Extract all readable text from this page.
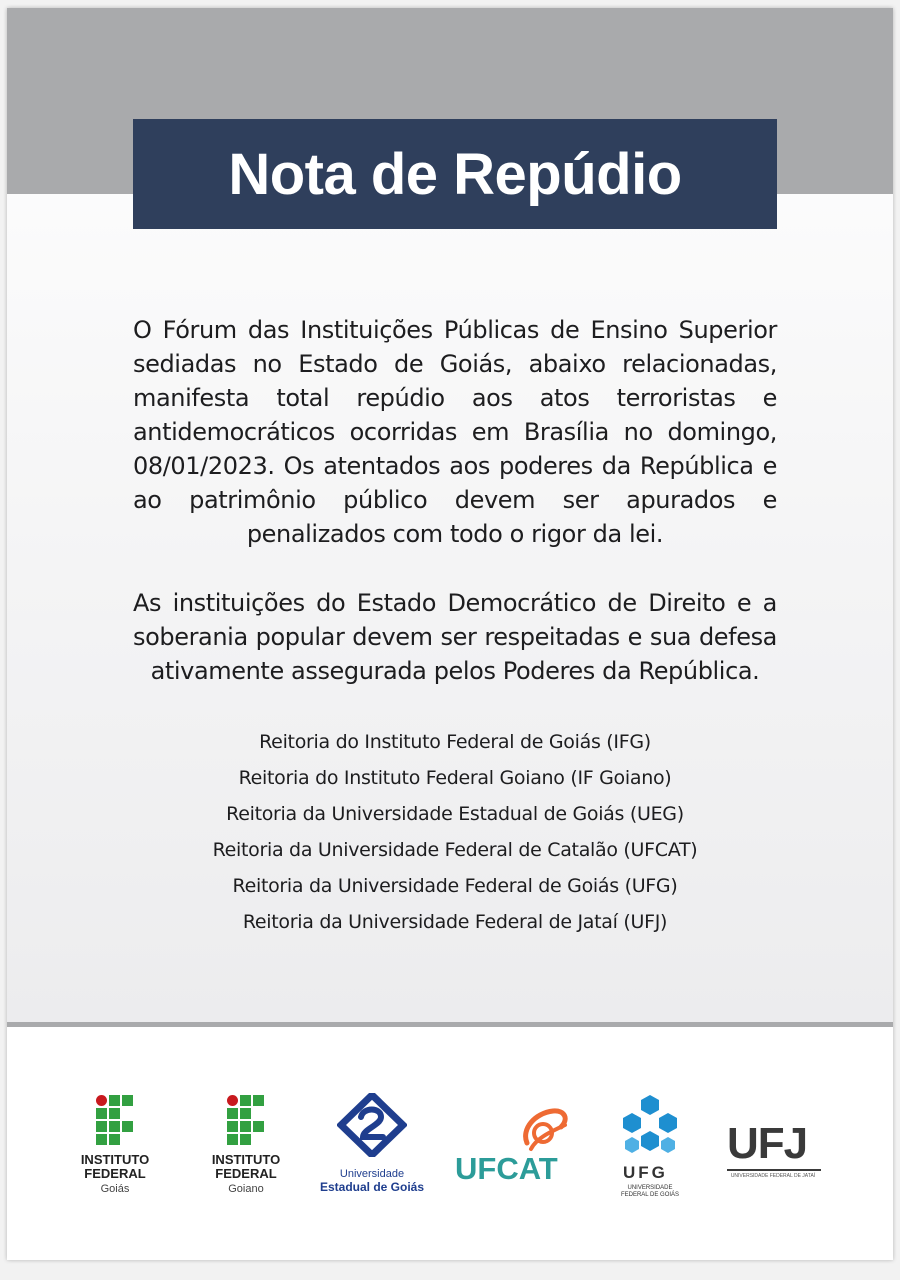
Nota de Repúdio
O Fórum das Instituições Públicas de Ensino Superior sediadas no Estado de Goiás, abaixo relacionadas, manifesta total repúdio aos atos terroristas e antidemocráticos ocorridas em Brasília no domingo, 08/01/2023. Os atentados aos poderes da República e ao patrimônio público devem ser apurados e penalizados com todo o rigor da lei.
As instituições do Estado Democrático de Direito e a soberania popular devem ser respeitadas e sua defesa ativamente assegurada pelos Poderes da República.
Reitoria do Instituto Federal de Goiás (IFG)
Reitoria do Instituto Federal Goiano (IF Goiano)
Reitoria da Universidade Estadual de Goiás (UEG)
Reitoria da Universidade Federal de Catalão (UFCAT)
Reitoria da Universidade Federal de Goiás (UFG)
Reitoria da Universidade Federal de Jataí (UFJ)
INSTITUTO
FEDERAL
Goiás
INSTITUTO
FEDERAL
Goiano
Universidade
Estadual de Goiás
UFCAT	UFG
UNIVERSIDADE
FEDERAL DE GOIÁS
UFJ
UNIVERSIDADE FEDERAL DE JATAÍ
